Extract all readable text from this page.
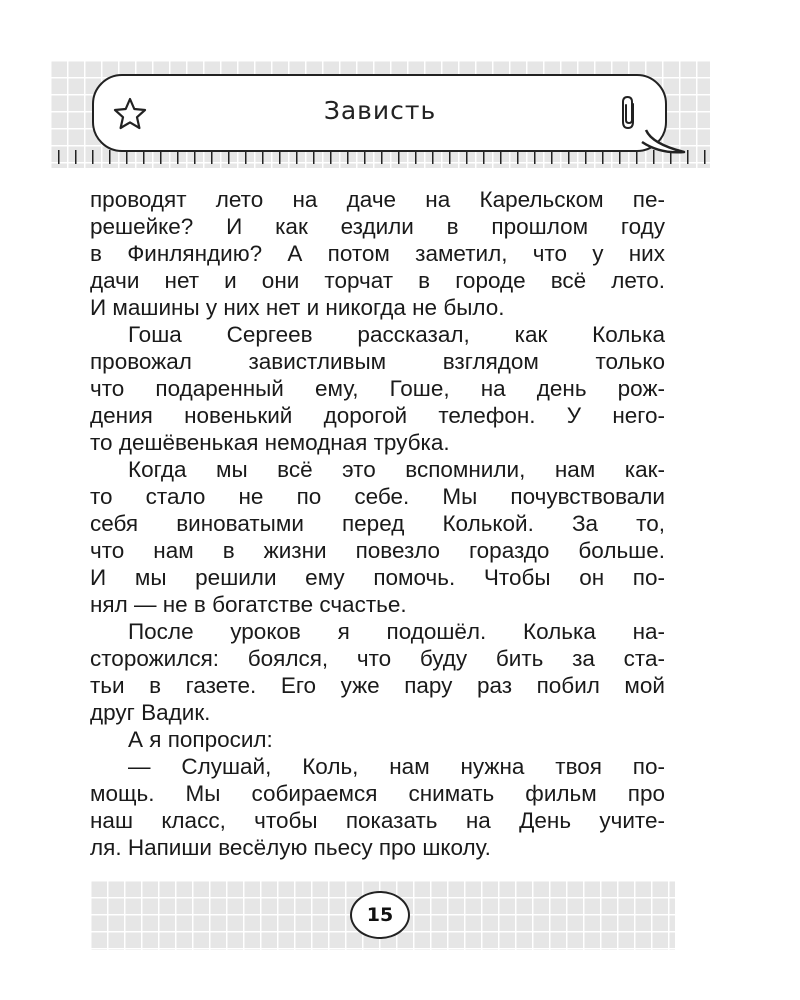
Зависть
проводят лето на даче на Карельском пе-
решейке? И как ездили в прошлом году
в Финляндию? А потом заметил, что у них
дачи нет и они торчат в городе всё лето.
И машины у них нет и никогда не было.
Гоша Сергеев рассказал, как Колька
провожал завистливым взглядом только
что подаренный ему, Гоше, на день рож-
дения новенький дорогой телефон. У него-
то дешёвенькая немодная трубка.
Когда мы всё это вспомнили, нам как-
то стало не по себе. Мы почувствовали
себя виноватыми перед Колькой. За то,
что нам в жизни повезло гораздо больше.
И мы решили ему помочь. Чтобы он по-
нял — не в богатстве счастье.
После уроков я подошёл. Колька на-
сторожился: боялся, что буду бить за ста-
тьи в газете. Его уже пару раз побил мой
друг Вадик.
А я попросил:
— Слушай, Коль, нам нужна твоя по-
мощь. Мы собираемся снимать фильм про
наш класс, чтобы показать на День учите-
ля. Напиши весёлую пьесу про школу.
15
